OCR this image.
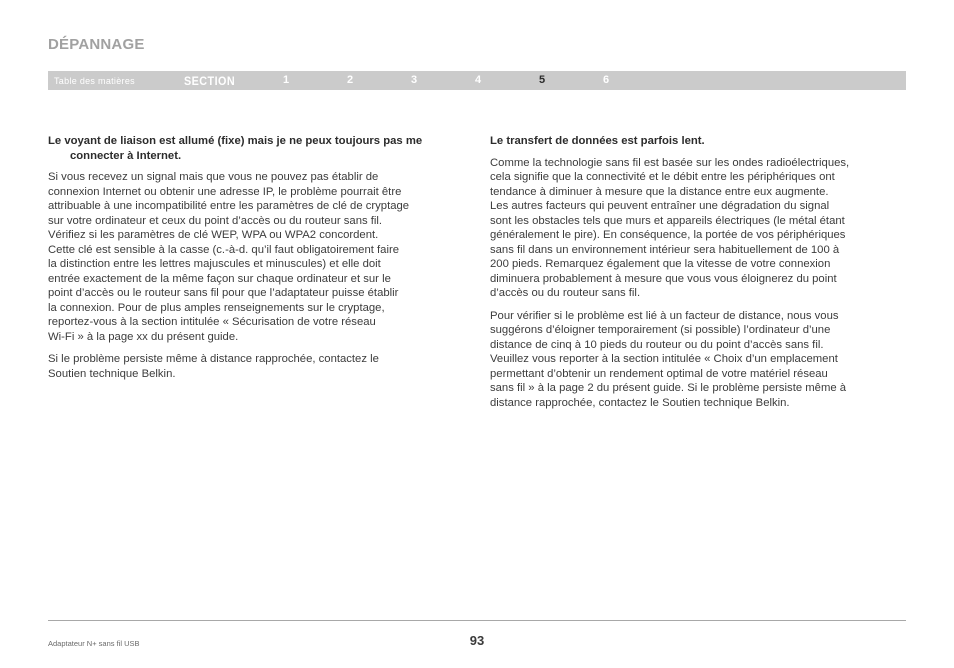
DÉPANNAGE
Table des matières	SECTION	1	2	3	4	5	6
Le voyant de liaison est allumé (fixe) mais je ne peux toujours pas me connecter à Internet.

Si vous recevez un signal mais que vous ne pouvez pas établir de
connexion Internet ou obtenir une adresse IP, le problème pourrait être
attribuable à une incompatibilité entre les paramètres de clé de cryptage
sur votre ordinateur et ceux du point d’accès ou du routeur sans fil.
Vérifiez si les paramètres de clé WEP, WPA ou WPA2 concordent.
Cette clé est sensible à la casse (c.-à-d. qu’il faut obligatoirement faire
la distinction entre les lettres majuscules et minuscules) et elle doit
entrée exactement de la même façon sur chaque ordinateur et sur le
point d’accès ou le routeur sans fil pour que l’adaptateur puisse établir
la connexion. Pour de plus amples renseignements sur le cryptage,
reportez-vous à la section intitulée « Sécurisation de votre réseau
Wi-Fi » à la page xx du présent guide.

Si le problème persiste même à distance rapprochée, contactez le
Soutien technique Belkin.

Le transfert de données est parfois lent.

Comme la technologie sans fil est basée sur les ondes radioélectriques,
cela signifie que la connectivité et le débit entre les périphériques ont
tendance à diminuer à mesure que la distance entre eux augmente.

Les autres facteurs qui peuvent entraîner une dégradation du signal
sont les obstacles tels que murs et appareils électriques (le métal étant
généralement le pire). En conséquence, la portée de vos périphériques
sans fil dans un environnement intérieur sera habituellement de 100 à
200 pieds. Remarquez également que la vitesse de votre connexion
diminuera probablement à mesure que vous vous éloignerez du point
d’accès ou du routeur sans fil.

Pour vérifier si le problème est lié à un facteur de distance, nous vous
suggérons d’éloigner temporairement (si possible) l’ordinateur d’une
distance de cinq à 10 pieds du routeur ou du point d’accès sans fil.
Veuillez vous reporter à la section intitulée « Choix d’un emplacement
permettant d’obtenir un rendement optimal de votre matériel réseau
sans fil » à la page 2 du présent guide. Si le problème persiste même à
distance rapprochée, contactez le Soutien technique Belkin.

Adaptateur N+ sans fil USB	93
